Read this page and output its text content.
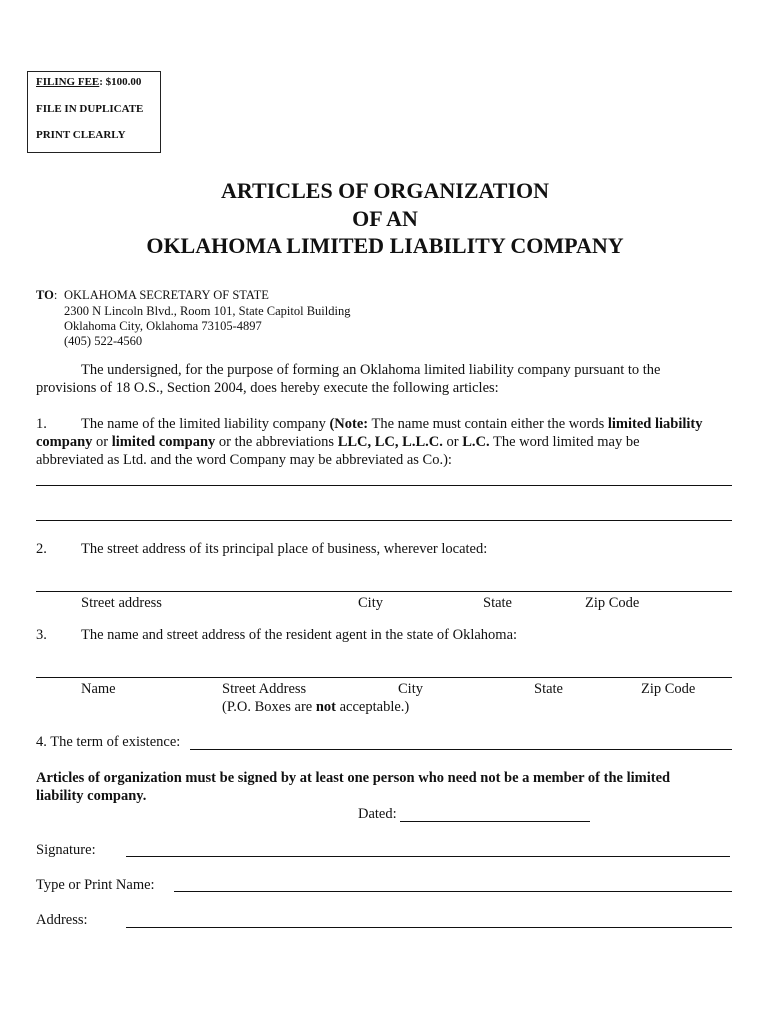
FILING FEE: $100.00
FILE IN DUPLICATE
PRINT CLEARLY
ARTICLES OF ORGANIZATION
OF AN
OKLAHOMA LIMITED LIABILITY COMPANY
TO: OKLAHOMA SECRETARY OF STATE
2300 N Lincoln Blvd., Room 101, State Capitol Building
Oklahoma City, Oklahoma 73105-4897
(405) 522-4560
The undersigned, for the purpose of forming an Oklahoma limited liability company pursuant to the
provisions of 18 O.S., Section 2004, does hereby execute the following articles:
1. The name of the limited liability company (Note: The name must contain either the words limited liability
company or limited company or the abbreviations LLC, LC, L.L.C. or L.C. The word limited may be
abbreviated as Ltd. and the word Company may be abbreviated as Co.):
2. The street address of its principal place of business, wherever located:
Street address	City	State	Zip Code
3. The name and street address of the resident agent in the state of Oklahoma:
Name	Street Address	City	State	Zip Code
(P.O. Boxes are not acceptable.)
4. The term of existence:
Articles of organization must be signed by at least one person who need not be a member of the limited
liability company.
Dated:
Signature:
Type or Print Name:
Address:
